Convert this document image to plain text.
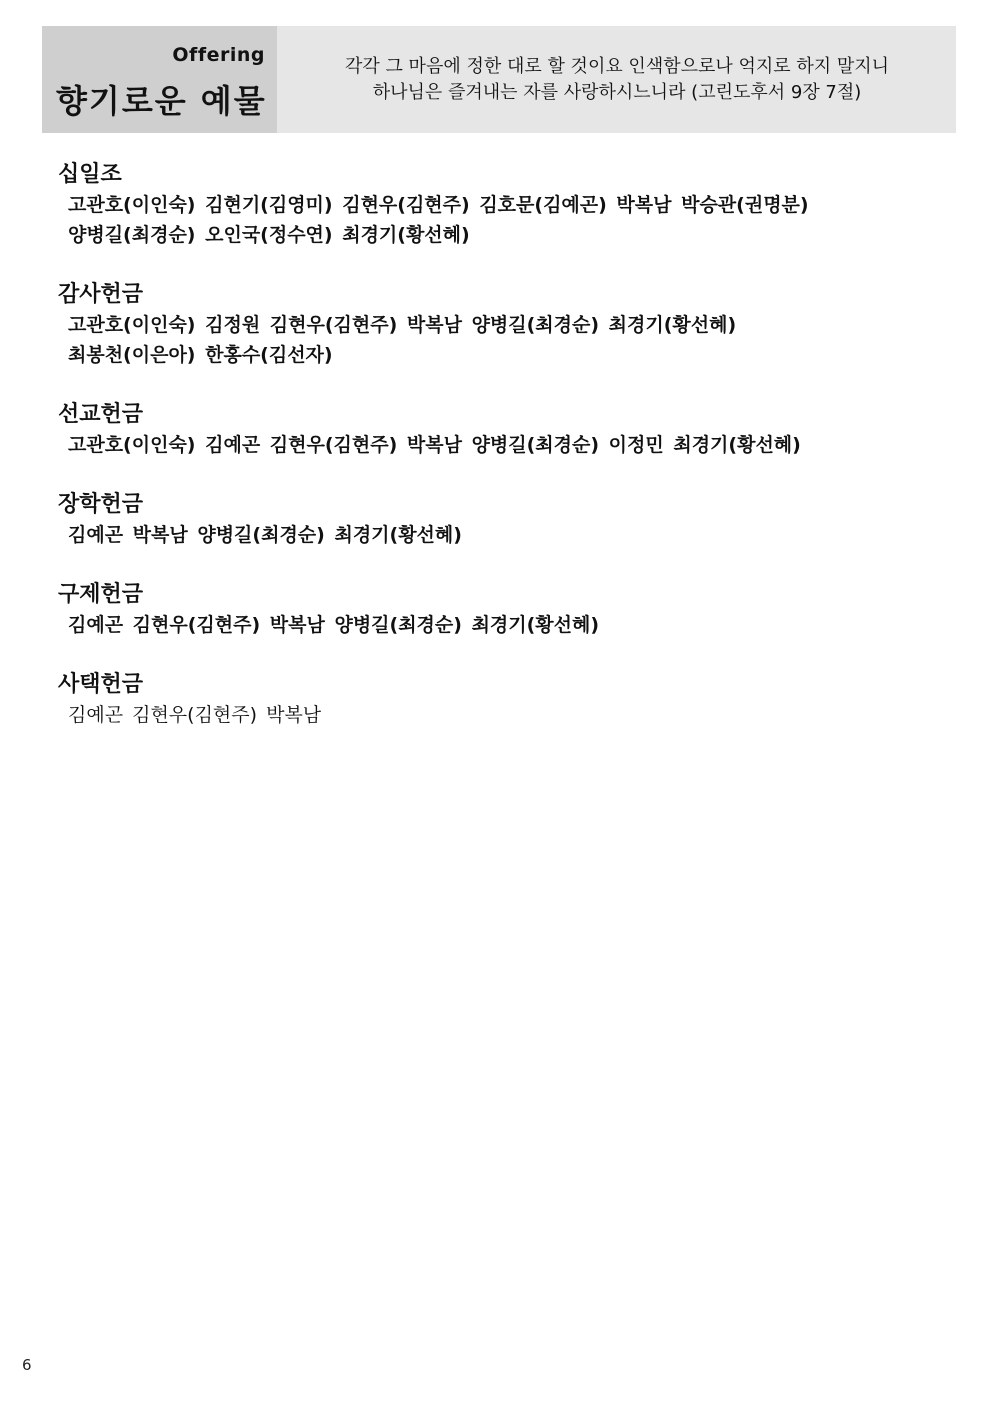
Offering
향기로운 예물
각각 그 마음에 정한 대로 할 것이요 인색함으로나 억지로 하지 말지니
하나님은 즐겨내는 자를 사랑하시느니라 (고린도후서 9장 7절)
십일조
고관호(이인숙) 김현기(김영미) 김현우(김현주) 김호문(김예곤) 박복남 박승관(권명분)
양병길(최경순) 오인국(정수연) 최경기(황선혜)
감사헌금
고관호(이인숙) 김정원 김현우(김현주) 박복남 양병길(최경순) 최경기(황선혜)
최봉천(이은아) 한홍수(김선자)
선교헌금
고관호(이인숙) 김예곤 김현우(김현주) 박복남 양병길(최경순) 이정민 최경기(황선혜)
장학헌금
김예곤 박복남 양병길(최경순) 최경기(황선혜)
구제헌금
김예곤 김현우(김현주) 박복남 양병길(최경순) 최경기(황선혜)
사택헌금
김예곤 김현우(김현주) 박복남
6
